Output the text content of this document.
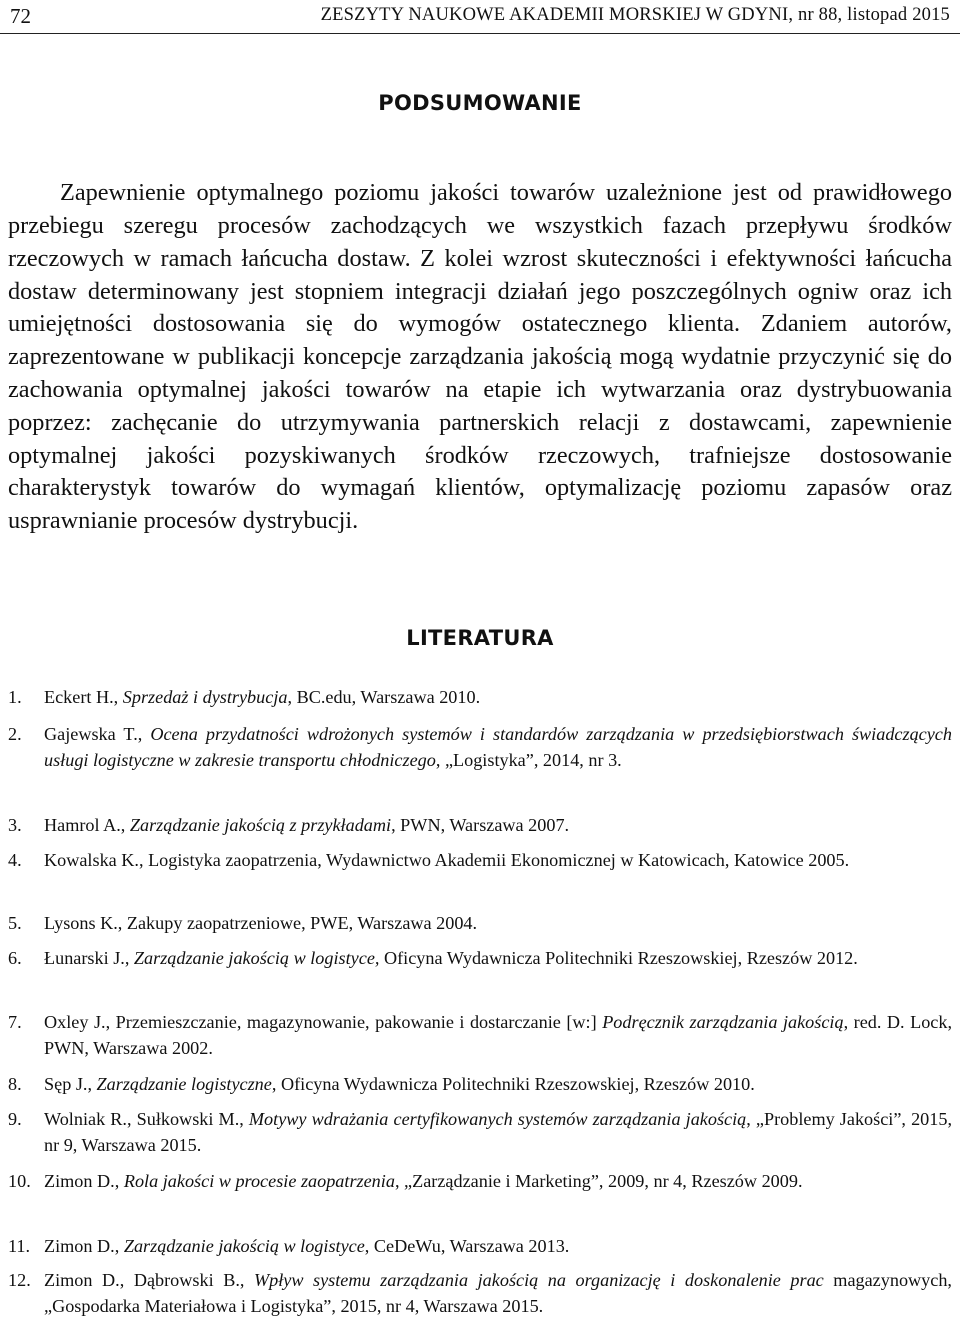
72	ZESZYTY NAUKOWE AKADEMII MORSKIEJ W GDYNI, nr 88, listopad 2015
PODSUMOWANIE

Zapewnienie optymalnego poziomu jakości towarów uzależnione jest od prawidłowego przebiegu szeregu procesów zachodzących we wszystkich fazach przepływu środków rzeczowych w ramach łańcucha dostaw. Z kolei wzrost skuteczności i efektywności łańcucha dostaw determinowany jest stopniem integracji działań jego poszczególnych ogniw oraz ich umiejętności dostosowania się do wymogów ostatecznego klienta. Zdaniem autorów, zaprezentowane w publikacji koncepcje zarządzania jakością mogą wydatnie przyczynić się do zachowania optymalnej jakości towarów na etapie ich wytwarzania oraz dystrybuowania poprzez: zachęcanie do utrzymywania partnerskich relacji z dostawcami, zapewnienie optymalnej jakości pozyskiwanych środków rzeczowych, trafniejsze dostosowanie charakterystyk towarów do wymagań klientów, optymalizację poziomu zapasów oraz usprawnianie procesów dystrybucji.

LITERATURA
1. Eckert H., Sprzedaż i dystrybucja, BC.edu, Warszawa 2010.
2. Gajewska T., Ocena przydatności wdrożonych systemów i standardów zarządzania w przedsiębiorstwach świadczących usługi logistyczne w zakresie transportu chłodniczego, „Logistyka”, 2014, nr 3.
3. Hamrol A., Zarządzanie jakością z przykładami, PWN, Warszawa 2007.
4. Kowalska K., Logistyka zaopatrzenia, Wydawnictwo Akademii Ekonomicznej w Katowicach, Katowice 2005.
5. Lysons K., Zakupy zaopatrzeniowe, PWE, Warszawa 2004.
6. Łunarski J., Zarządzanie jakością w logistyce, Oficyna Wydawnicza Politechniki Rzeszowskiej, Rzeszów 2012.
7. Oxley J., Przemieszczanie, magazynowanie, pakowanie i dostarczanie [w:] Podręcznik zarządzania jakością, red. D. Lock, PWN, Warszawa 2002.
8. Sęp J., Zarządzanie logistyczne, Oficyna Wydawnicza Politechniki Rzeszowskiej, Rzeszów 2010.
9. Wolniak R., Sułkowski M., Motywy wdrażania certyfikowanych systemów zarządzania jakością, „Problemy Jakości”, 2015, nr 9, Warszawa 2015.
10. Zimon D., Rola jakości w procesie zaopatrzenia, „Zarządzanie i Marketing”, 2009, nr 4, Rzeszów 2009.
11. Zimon D., Zarządzanie jakością w logistyce, CeDeWu, Warszawa 2013.
12. Zimon D., Dąbrowski B., Wpływ systemu zarządzania jakością na organizację i doskonalenie prac magazynowych, „Gospodarka Materiałowa i Logistyka”, 2015, nr 4, Warszawa 2015.
